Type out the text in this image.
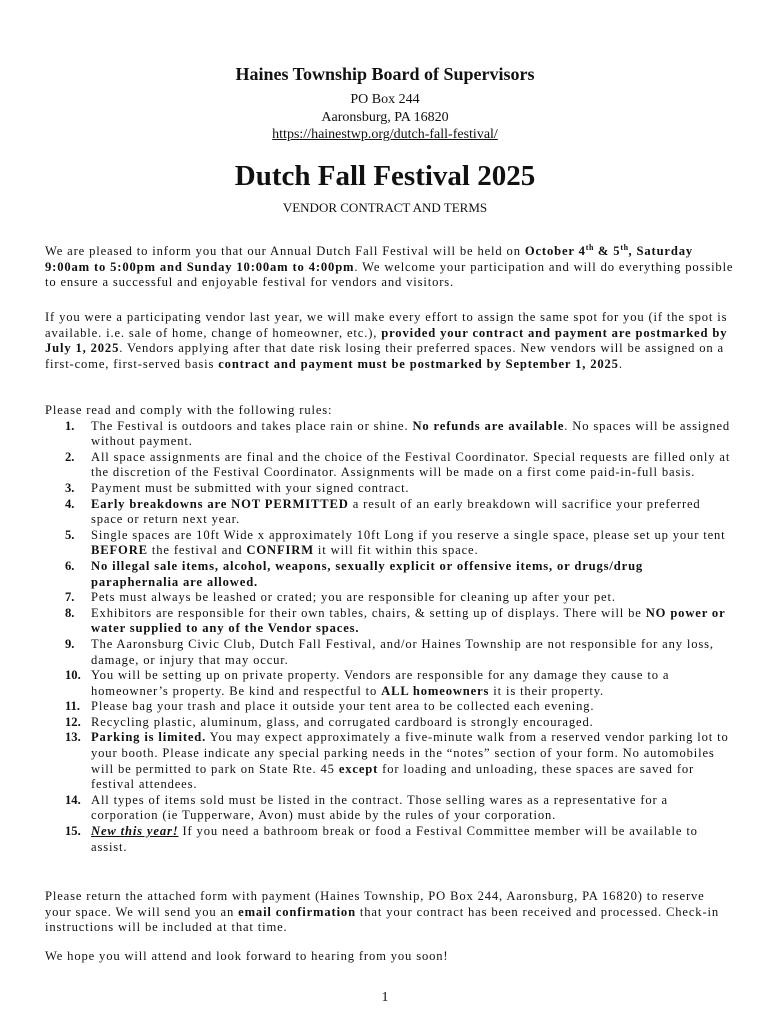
Haines Township Board of Supervisors
PO Box 244
Aaronsburg, PA 16820
https://hainestwp.org/dutch-fall-festival/
Dutch Fall Festival 2025
VENDOR CONTRACT AND TERMS

We are pleased to inform you that our Annual Dutch Fall Festival will be held on October 4th & 5th, Saturday 9:00am to 5:00pm and Sunday 10:00am to 4:00pm. We welcome your participation and will do everything possible to ensure a successful and enjoyable festival for vendors and visitors.

If you were a participating vendor last year, we will make every effort to assign the same spot for you (if the spot is available. i.e. sale of home, change of homeowner, etc.), provided your contract and payment are postmarked by July 1, 2025. Vendors applying after that date risk losing their preferred spaces. New vendors will be assigned on a first-come, first-served basis contract and payment must be postmarked by September 1, 2025.

Please read and comply with the following rules:
1. The Festival is outdoors and takes place rain or shine. No refunds are available. No spaces will be assigned without payment.
2. All space assignments are final and the choice of the Festival Coordinator. Special requests are filled only at the discretion of the Festival Coordinator. Assignments will be made on a first come paid-in-full basis.
3. Payment must be submitted with your signed contract.
4. Early breakdowns are NOT PERMITTED a result of an early breakdown will sacrifice your preferred space or return next year.
5. Single spaces are 10ft Wide x approximately 10ft Long if you reserve a single space, please set up your tent BEFORE the festival and CONFIRM it will fit within this space.
6. No illegal sale items, alcohol, weapons, sexually explicit or offensive items, or drugs/drug paraphernalia are allowed.
7. Pets must always be leashed or crated; you are responsible for cleaning up after your pet.
8. Exhibitors are responsible for their own tables, chairs, & setting up of displays. There will be NO power or water supplied to any of the Vendor spaces.
9. The Aaronsburg Civic Club, Dutch Fall Festival, and/or Haines Township are not responsible for any loss, damage, or injury that may occur.
10. You will be setting up on private property. Vendors are responsible for any damage they cause to a homeowner’s property. Be kind and respectful to ALL homeowners it is their property.
11. Please bag your trash and place it outside your tent area to be collected each evening.
12. Recycling plastic, aluminum, glass, and corrugated cardboard is strongly encouraged.
13. Parking is limited. You may expect approximately a five-minute walk from a reserved vendor parking lot to your booth. Please indicate any special parking needs in the “notes” section of your form. No automobiles will be permitted to park on State Rte. 45 except for loading and unloading, these spaces are saved for festival attendees.
14. All types of items sold must be listed in the contract. Those selling wares as a representative for a corporation (ie Tupperware, Avon) must abide by the rules of your corporation.
15. New this year! If you need a bathroom break or food a Festival Committee member will be available to assist.

Please return the attached form with payment (Haines Township, PO Box 244, Aaronsburg, PA 16820) to reserve your space. We will send you an email confirmation that your contract has been received and processed. Check-in instructions will be included at that time.

We hope you will attend and look forward to hearing from you soon!

1
